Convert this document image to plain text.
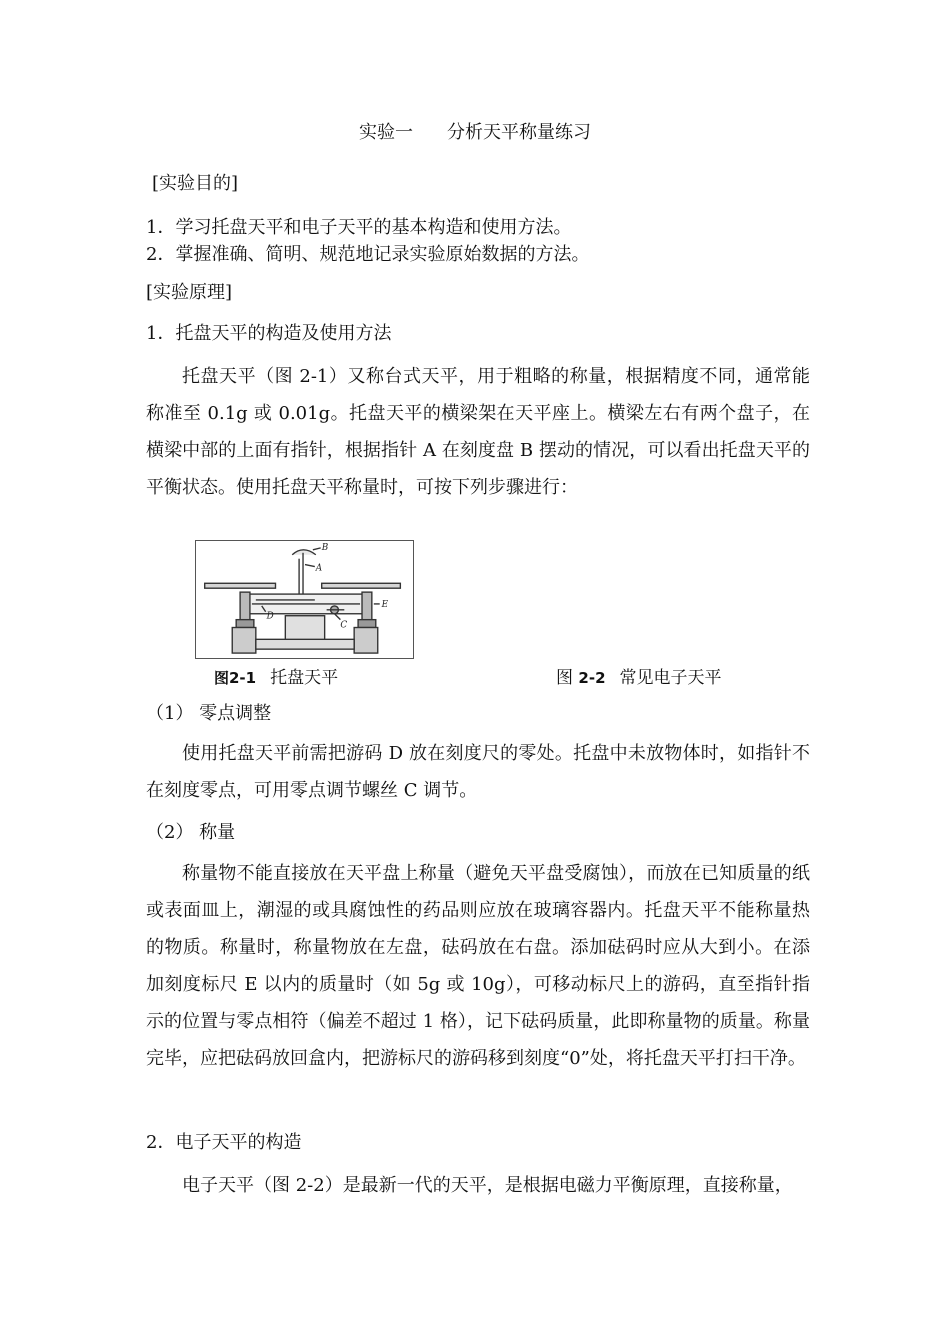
实验一 分析天平称量练习

[实验目的]

1．学习托盘天平和电子天平的基本构造和使用方法。

2．掌握准确、简明、规范地记录实验原始数据的方法。

[实验原理]

1．托盘天平的构造及使用方法

托盘天平（图 2-1）又称台式天平，用于粗略的称量，根据精度不同，通常能称准至 0.1g 或 0.01g。托盘天平的横梁架在天平座上。横梁左右有两个盘子，在横梁中部的上面有指针，根据指针 A 在刻度盘 B 摆动的情况，可以看出托盘天平的平衡状态。使用托盘天平称量时，可按下列步骤进行：

B
A
D
E
C
图2-1 托盘天平	图 2-2 常见电子天平

（1） 零点调整

使用托盘天平前需把游码 D 放在刻度尺的零处。托盘中未放物体时，如指针不在刻度零点，可用零点调节螺丝 C 调节。

（2） 称量

称量物不能直接放在天平盘上称量（避免天平盘受腐蚀），而放在已知质量的纸或表面皿上，潮湿的或具腐蚀性的药品则应放在玻璃容器内。托盘天平不能称量热的物质。称量时，称量物放在左盘，砝码放在右盘。添加砝码时应从大到小。在添加刻度标尺 E 以内的质量时（如 5g 或 10g），可移动标尺上的游码，直至指针指示的位置与零点相符（偏差不超过 1 格），记下砝码质量，此即称量物的质量。称量完毕，应把砝码放回盒内，把游标尺的游码移到刻度“0”处，将托盘天平打扫干净。

2．电子天平的构造

电子天平（图 2-2）是最新一代的天平，是根据电磁力平衡原理，直接称量，
